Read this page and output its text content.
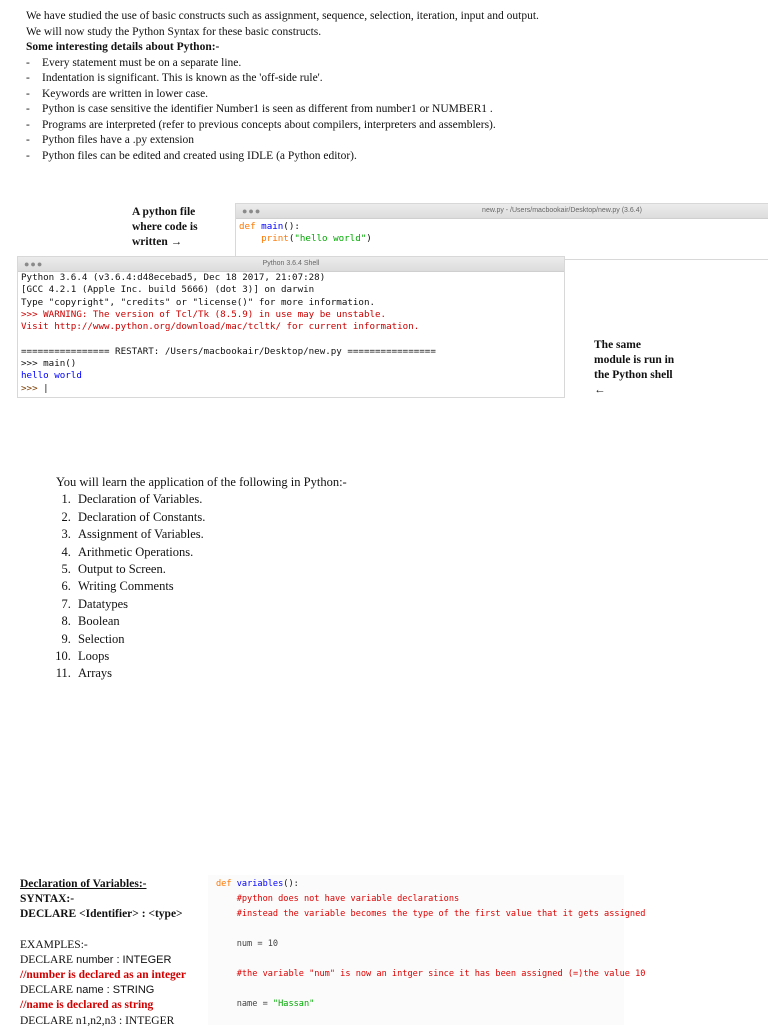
We have studied the use of basic constructs such as assignment, sequence, selection, iteration, input and output.

We will now study the Python Syntax for these basic constructs.

Some interesting details about Python:-

- Every statement must be on a separate line.
- Indentation is significant. This is known as the 'off-side rule'.
- Keywords are written in lower case.
- Python is case sensitive the identifier Number1 is seen as different from number1 or NUMBER1 .
- Programs are interpreted (refer to previous concepts about compilers, interpreters and assemblers).
- Python files have a .py extension
- Python files can be edited and created using IDLE (a Python editor).
A python file
where code is
written →
●●●	new.py - /Users/macbookair/Desktop/new.py (3.6.4)
def main():
print("hello world")
●●●	Python 3.6.4 Shell
Python 3.6.4 (v3.6.4:d48ecebаd5, Dec 18 2017, 21:07:28)
[GCC 4.2.1 (Apple Inc. build 5666) (dot 3)] on darwin
Type "copyright", "credits" or "license()" for more information.
>>> WARNING: The version of Tcl/Tk (8.5.9) in use may be unstable.
Visit http://www.python.org/download/mac/tcltk/ for current information.

================ RESTART: /Users/macbookair/Desktop/new.py ================
>>> main()
hello world
>>> |
The same
module is run in
the Python shell
←
You will learn the application of the following in Python:-
1. Declaration of Variables.
2. Declaration of Constants.
3. Assignment of Variables.
4. Arithmetic Operations.
5. Output to Screen.
6. Writing Comments
7. Datatypes
8. Boolean
9. Selection
10. Loops
11. Arrays
Declaration of Variables:-
SYNTAX:-
DECLARE <Identifier> : <type>
EXAMPLES:-
DECLARE number : INTEGER
//number is declared as an integer
DECLARE name : STRING
//name is declared as string
DECLARE n1,n2,n3 : INTEGER
def variables():
#python does not have variable declarations
#instead the variable becomes the type of the first value that it gets assigned

num = 10

#the variable "num" is now an intger since it has been assigned (=)the value 10

name = "Hassan"
